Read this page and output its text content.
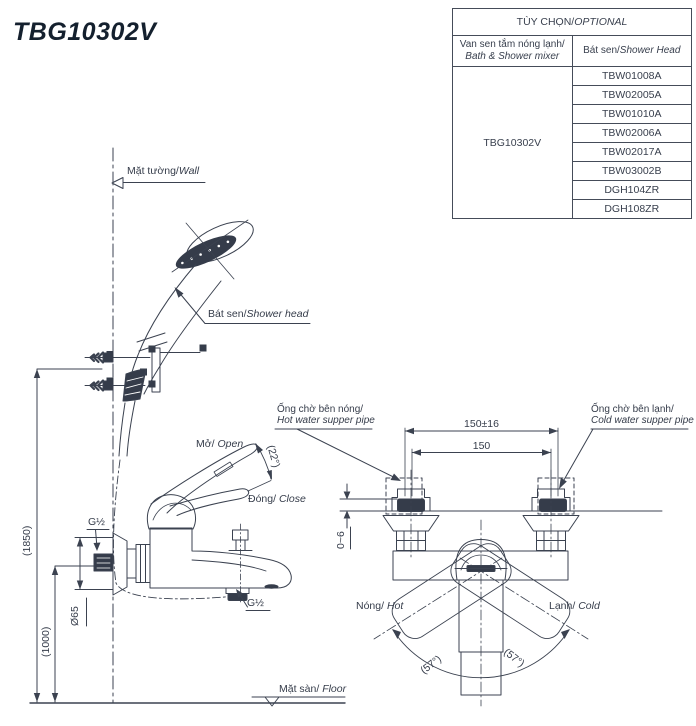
TBG10302V
Mặt tường/Wall
Bát sen/Shower head
Mở/ Open (22°)
Đóng/ Close
G½
G½
Ø65
(1850)
(1000)
Mặt sàn/ Floor
Ống chờ bên nóng/
Hot water supper pipe
Ống chờ bên lạnh/
Cold water supper pipe
150±16
150
0~6
Nóng/ Hot	Lạnh/ Cold
(57°)	(57°)
TÙY CHỌN/OPTIONAL	

Van sen tắm nóng lạnh/
Bath & Shower mixer	Bát sen/Shower Head
TBG10302V	TBW01008A
	TBW02005A
	TBW01010A
	TBW02006A
	TBW02017A
	TBW03002B
	DGH104ZR
	DGH108ZR
